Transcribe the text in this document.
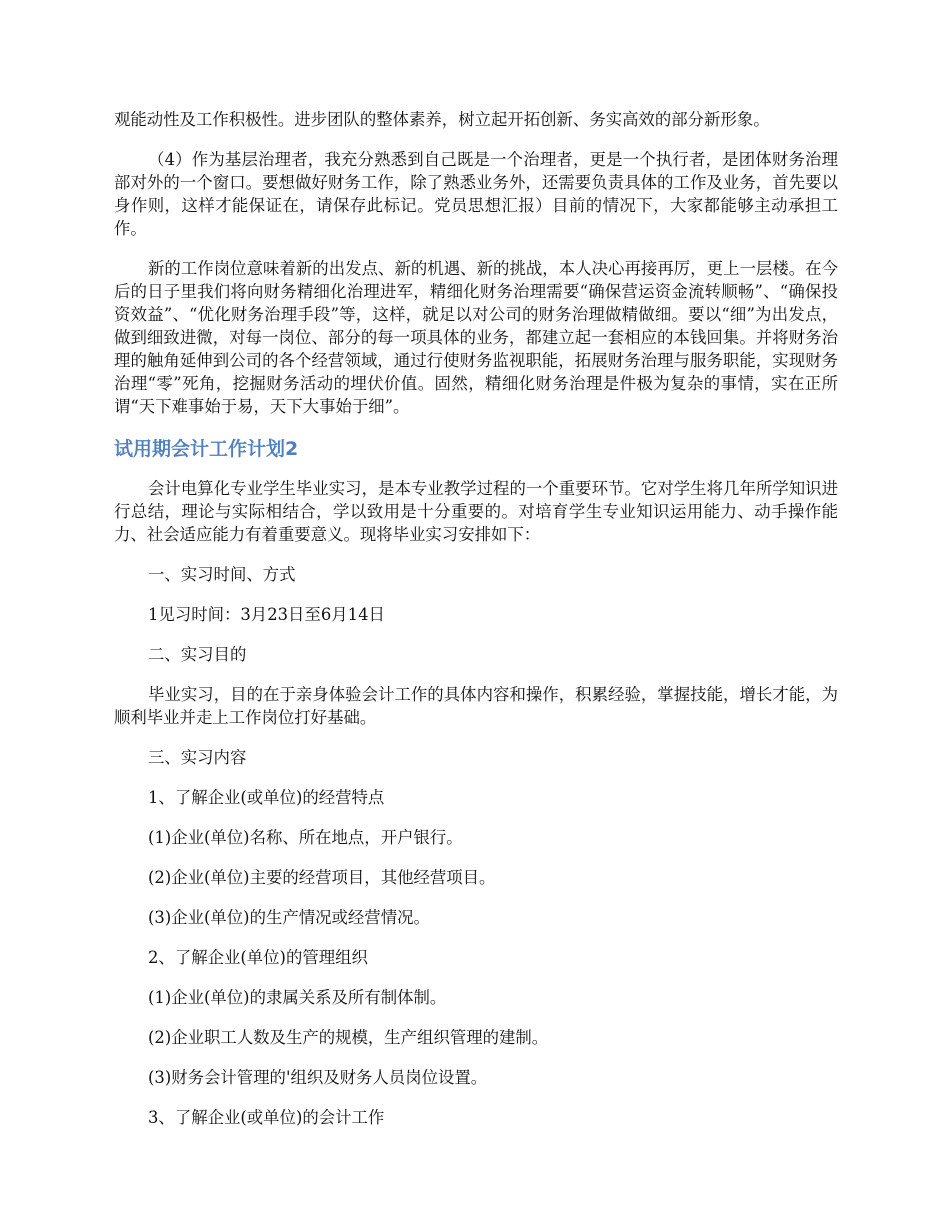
观能动性及工作积极性。进步团队的整体素养，树立起开拓创新、务实高效的部分新形象。

（4）作为基层治理者，我充分熟悉到自己既是一个治理者，更是一个执行者，是团体财务治理部对外的一个窗口。要想做好财务工作，除了熟悉业务外，还需要负责具体的工作及业务，首先要以身作则，这样才能保证在，请保存此标记。党员思想汇报）目前的情况下，大家都能够主动承担工作。

新的工作岗位意味着新的出发点、新的机遇、新的挑战，本人决心再接再厉，更上一层楼。在今后的日子里我们将向财务精细化治理进军，精细化财务治理需要“确保营运资金流转顺畅”、“确保投资效益”、“优化财务治理手段”等，这样，就足以对公司的财务治理做精做细。要以“细”为出发点，做到细致进微，对每一岗位、部分的每一项具体的业务，都建立起一套相应的本钱回集。并将财务治理的触角延伸到公司的各个经营领域，通过行使财务监视职能，拓展财务治理与服务职能，实现财务治理“零”死角，挖掘财务活动的埋伏价值。固然，精细化财务治理是件极为复杂的事情，实在正所谓“天下难事始于易，天下大事始于细”。

试用期会计工作计划2

会计电算化专业学生毕业实习，是本专业教学过程的一个重要环节。它对学生将几年所学知识进行总结，理论与实际相结合，学以致用是十分重要的。对培育学生专业知识运用能力、动手操作能力、社会适应能力有着重要意义。现将毕业实习安排如下：

一、实习时间、方式

1见习时间：3月23日至6月14日

二、实习目的

毕业实习，目的在于亲身体验会计工作的具体内容和操作，积累经验，掌握技能，增长才能，为顺利毕业并走上工作岗位打好基础。

三、实习内容

1、了解企业(或单位)的经营特点

(1)企业(单位)名称、所在地点，开户银行。

(2)企业(单位)主要的经营项目，其他经营项目。

(3)企业(单位)的生产情况或经营情况。

2、了解企业(单位)的管理组织

(1)企业(单位)的隶属关系及所有制体制。

(2)企业职工人数及生产的规模，生产组织管理的建制。

(3)财务会计管理的'组织及财务人员岗位设置。

3、了解企业(或单位)的会计工作
